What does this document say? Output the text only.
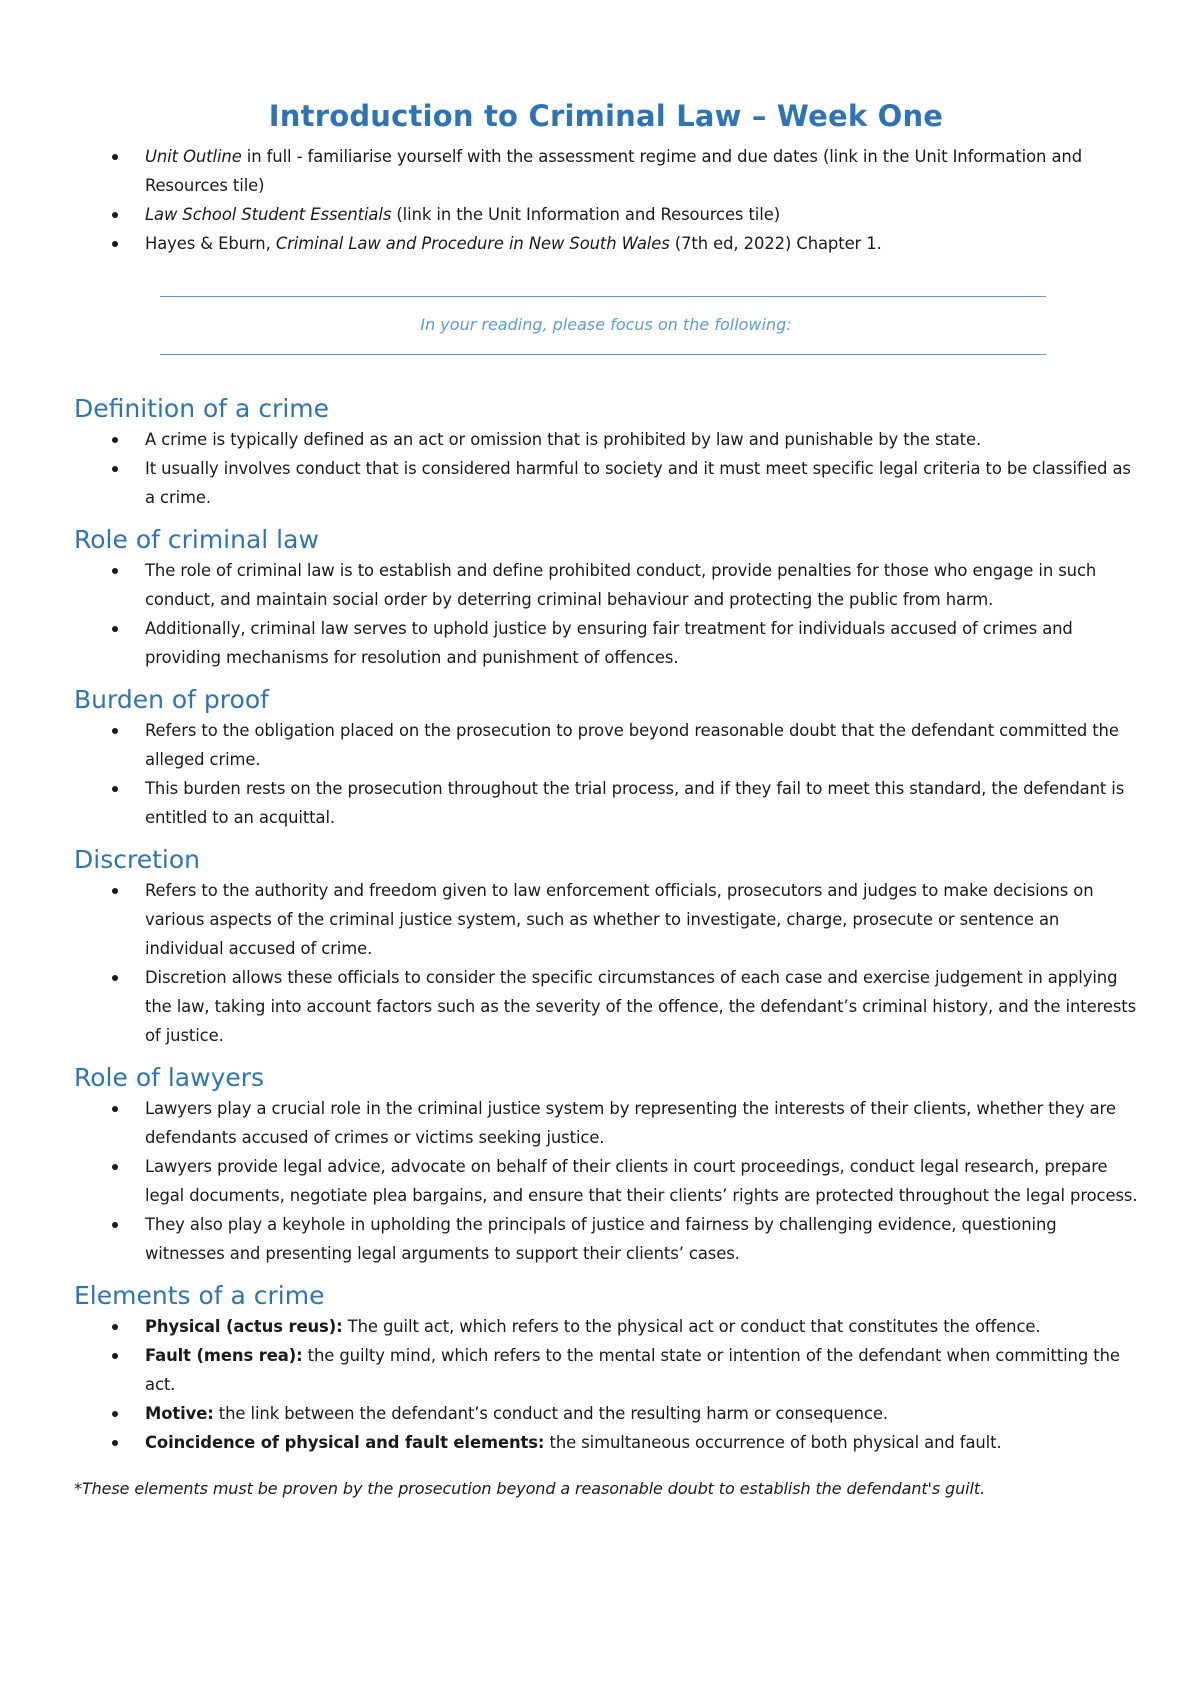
Introduction to Criminal Law – Week One
Unit Outline in full - familiarise yourself with the assessment regime and due dates (link in the Unit Information and Resources tile)
Law School Student Essentials (link in the Unit Information and Resources tile)
Hayes & Eburn, Criminal Law and Procedure in New South Wales (7th ed, 2022) Chapter 1.
In your reading, please focus on the following:
Definition of a crime
A crime is typically defined as an act or omission that is prohibited by law and punishable by the state.
It usually involves conduct that is considered harmful to society and it must meet specific legal criteria to be classified as a crime.
Role of criminal law
The role of criminal law is to establish and define prohibited conduct, provide penalties for those who engage in such conduct, and maintain social order by deterring criminal behaviour and protecting the public from harm.
Additionally, criminal law serves to uphold justice by ensuring fair treatment for individuals accused of crimes and providing mechanisms for resolution and punishment of offences.
Burden of proof
Refers to the obligation placed on the prosecution to prove beyond reasonable doubt that the defendant committed the alleged crime.
This burden rests on the prosecution throughout the trial process, and if they fail to meet this standard, the defendant is entitled to an acquittal.
Discretion
Refers to the authority and freedom given to law enforcement officials, prosecutors and judges to make decisions on various aspects of the criminal justice system, such as whether to investigate, charge, prosecute or sentence an individual accused of crime.
Discretion allows these officials to consider the specific circumstances of each case and exercise judgement in applying the law, taking into account factors such as the severity of the offence, the defendant’s criminal history, and the interests of justice.
Role of lawyers
Lawyers play a crucial role in the criminal justice system by representing the interests of their clients, whether they are defendants accused of crimes or victims seeking justice.
Lawyers provide legal advice, advocate on behalf of their clients in court proceedings, conduct legal research, prepare legal documents, negotiate plea bargains, and ensure that their clients’ rights are protected throughout the legal process.
They also play a keyhole in upholding the principals of justice and fairness by challenging evidence, questioning witnesses and presenting legal arguments to support their clients’ cases.
Elements of a crime
Physical (actus reus): The guilt act, which refers to the physical act or conduct that constitutes the offence.
Fault (mens rea): the guilty mind, which refers to the mental state or intention of the defendant when committing the act.
Motive: the link between the defendant’s conduct and the resulting harm or consequence.
Coincidence of physical and fault elements: the simultaneous occurrence of both physical and fault.
*These elements must be proven by the prosecution beyond a reasonable doubt to establish the defendant's guilt.
